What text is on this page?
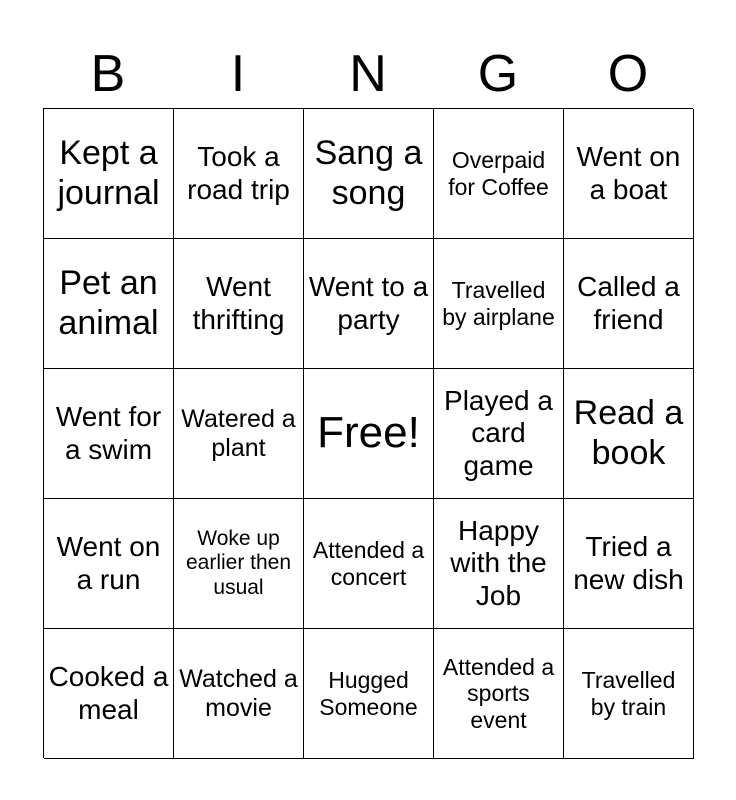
B	I	N	G	O
Kept a journal
Took a road trip
Sang a song
Overpaid for Coffee
Went on a boat
Pet an animal
Went thrifting
Went to a party
Travelled by airplane
Called a friend
Went for a swim
Watered a plant	Free!
Played a card game
Read a book
Went on a run
Woke up earlier then usual
Attended a concert
Happy with the Job
Tried a new dish
Cooked a meal
Watched a movie
Hugged Someone
Attended a sports event
Travelled by train
